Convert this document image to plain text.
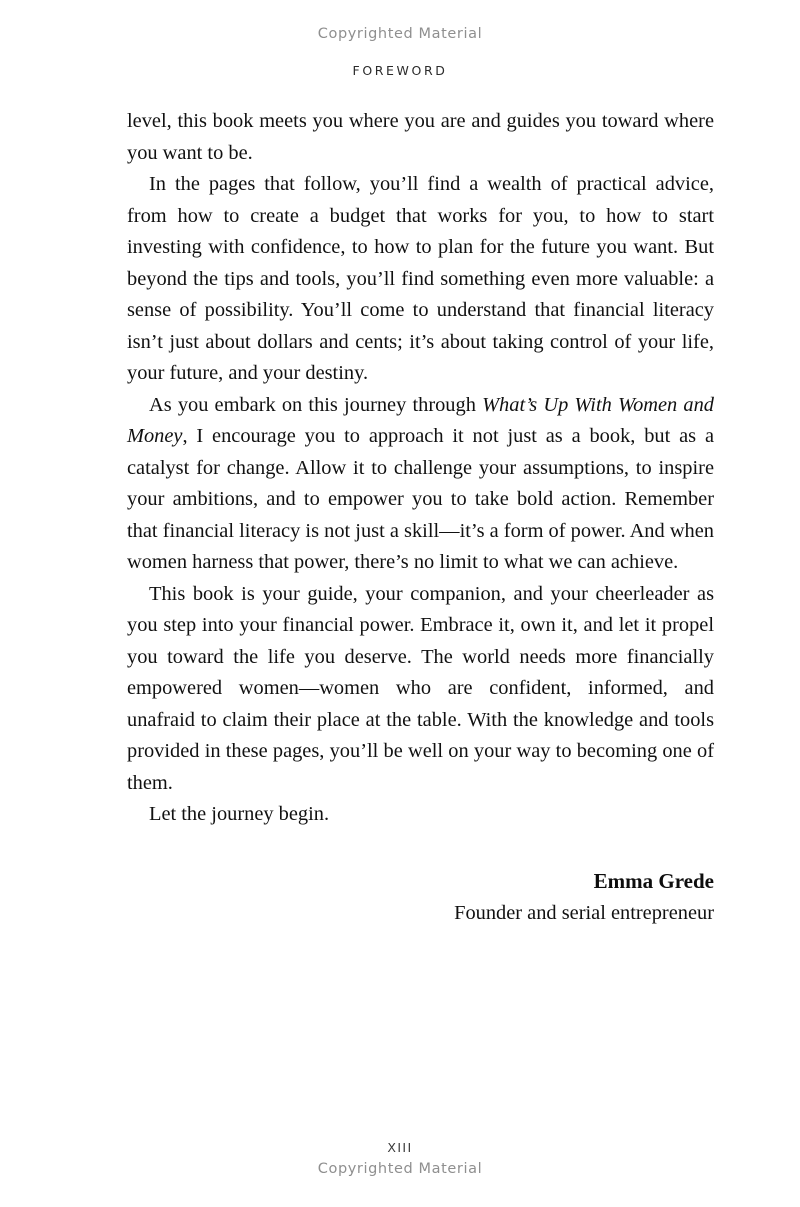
Copyrighted Material
FOREWORD

level, this book meets you where you are and guides you toward where you want to be.

In the pages that follow, you’ll find a wealth of practical advice, from how to create a budget that works for you, to how to start investing with confidence, to how to plan for the future you want. But beyond the tips and tools, you’ll find something even more valuable: a sense of possibility. You’ll come to understand that financial literacy isn’t just about dollars and cents; it’s about taking control of your life, your future, and your destiny.

As you embark on this journey through What’s Up With Women and Money, I encourage you to approach it not just as a book, but as a catalyst for change. Allow it to challenge your assumptions, to inspire your ambitions, and to empower you to take bold action. Remember that financial literacy is not just a skill—it’s a form of power. And when women harness that power, there’s no limit to what we can achieve.

This book is your guide, your companion, and your cheerleader as you step into your financial power. Embrace it, own it, and let it propel you toward the life you deserve. The world needs more financially empowered women—women who are confident, informed, and unafraid to claim their place at the table. With the knowledge and tools provided in these pages, you’ll be well on your way to becoming one of them.

Let the journey begin.

Emma Grede
Founder and serial entrepreneur
XIII
Copyrighted Material
